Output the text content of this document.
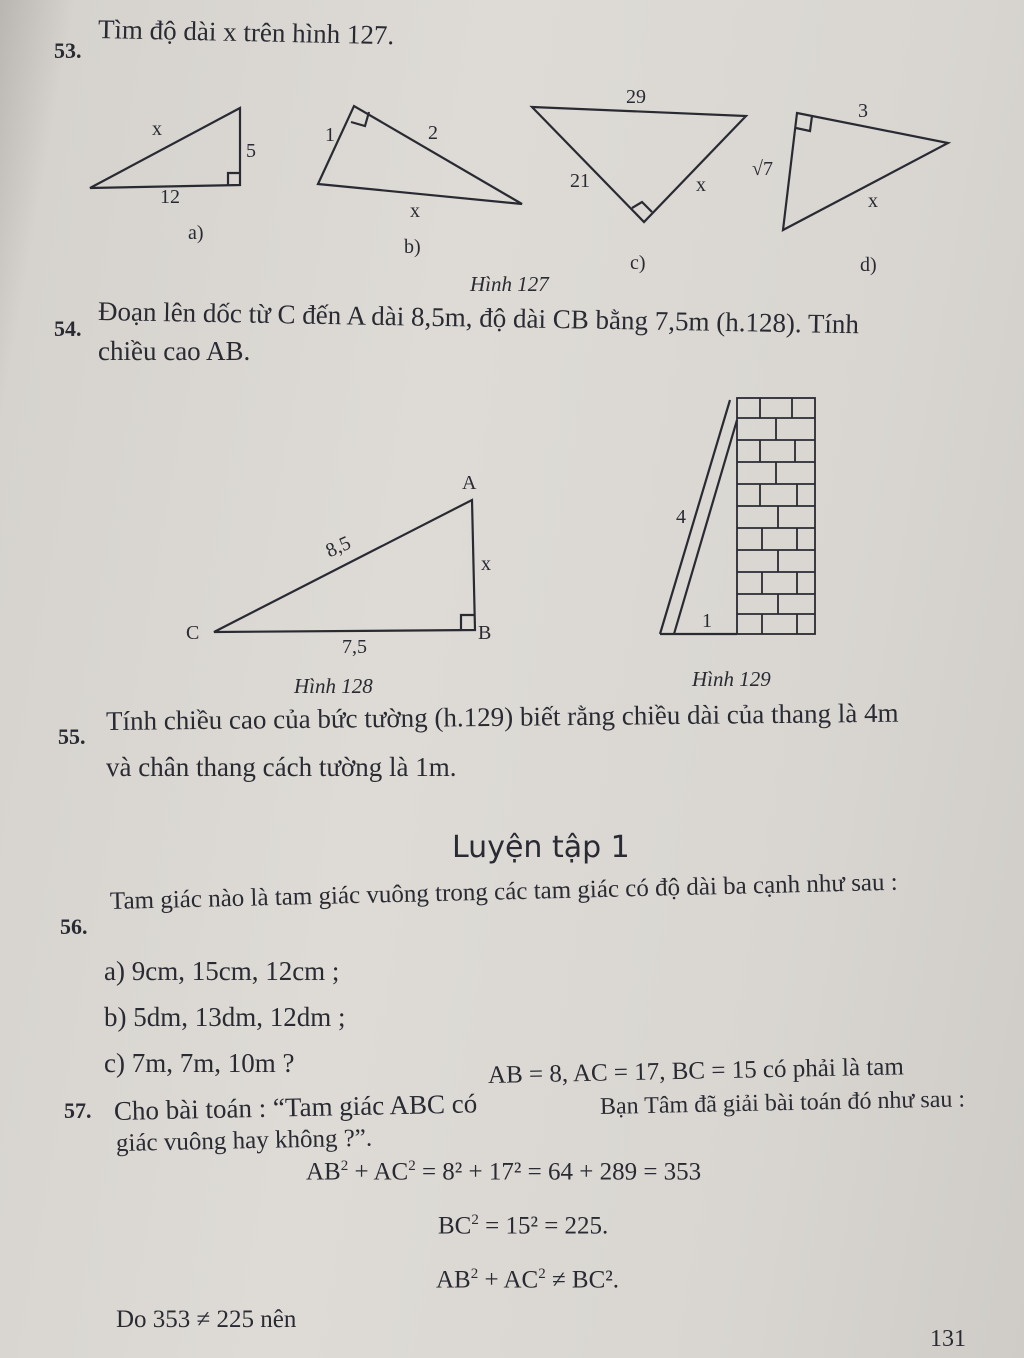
53.
Tìm độ dài x trên hình 127.
x
5
12
a)
1	2
x
b)
29
21	x
c)
3
√7
x
d)
Hình 127
54. Đoạn lên dốc từ C đến A dài 8,5m, độ dài CB bằng 7,5m (h.128). Tính
chiều cao AB.
A
B
C
8,5
x
7,5
Hình 128
4
1
Hình 129
55.
Tính chiều cao của bức tường (h.129) biết rằng chiều dài của thang là 4m
và chân thang cách tường là 1m.
Luyện tập 1
56.
Tam giác nào là tam giác vuông trong các tam giác có độ dài ba cạnh như sau :
a) 9cm, 15cm, 12cm ;
b) 5dm, 13dm, 12dm ;
c) 7m, 7m, 10m ?	AB = 8, AC = 17, BC = 15 có phải là tam
57. Cho bài toán : “Tam giác ABC có	Bạn Tâm đã giải bài toán đó như sau :
giác vuông hay không ?”.
$AB^2 + AC^2 = 8^2 + 17^2 = 64 + 289 = 353$
$BC^2 = 15^2 = 225$.
$AB^2 + AC^2 \ne BC^2$.
Do 353 ≠ 225 nên
131
